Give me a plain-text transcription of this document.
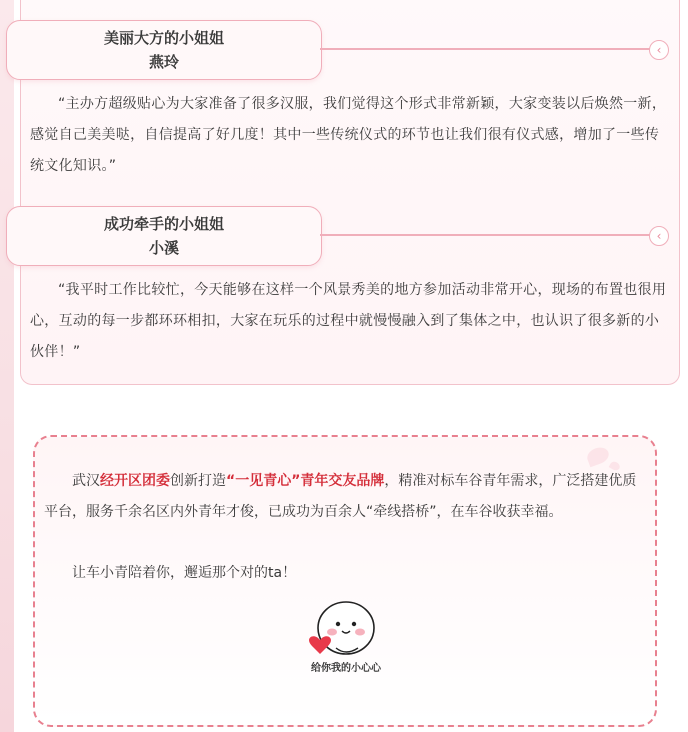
美丽大方的小姐姐
燕玲
‹
“主办方超级贴心为大家准备了很多汉服，我们觉得这个形式非常新颖，大家变装以后焕然一新，感觉自己美美哒，自信提高了好几度！其中一些传统仪式的环节也让我们很有仪式感，增加了一些传统文化知识。”
成功牵手的小姐姐
小溪
‹
“我平时工作比较忙，今天能够在这样一个风景秀美的地方参加活动非常开心，现场的布置也很用心，互动的每一步都环环相扣，大家在玩乐的过程中就慢慢融入到了集体之中，也认识了很多新的小伙伴！”
武汉经开区团委创新打造“一见青心”青年交友品牌，精准对标车谷青年需求，广泛搭建优质平台，服务千余名区内外青年才俊，已成功为百余人“牵线搭桥”，在车谷收获幸福。
让车小青陪着你，邂逅那个对的ta！
给你我的小心心
